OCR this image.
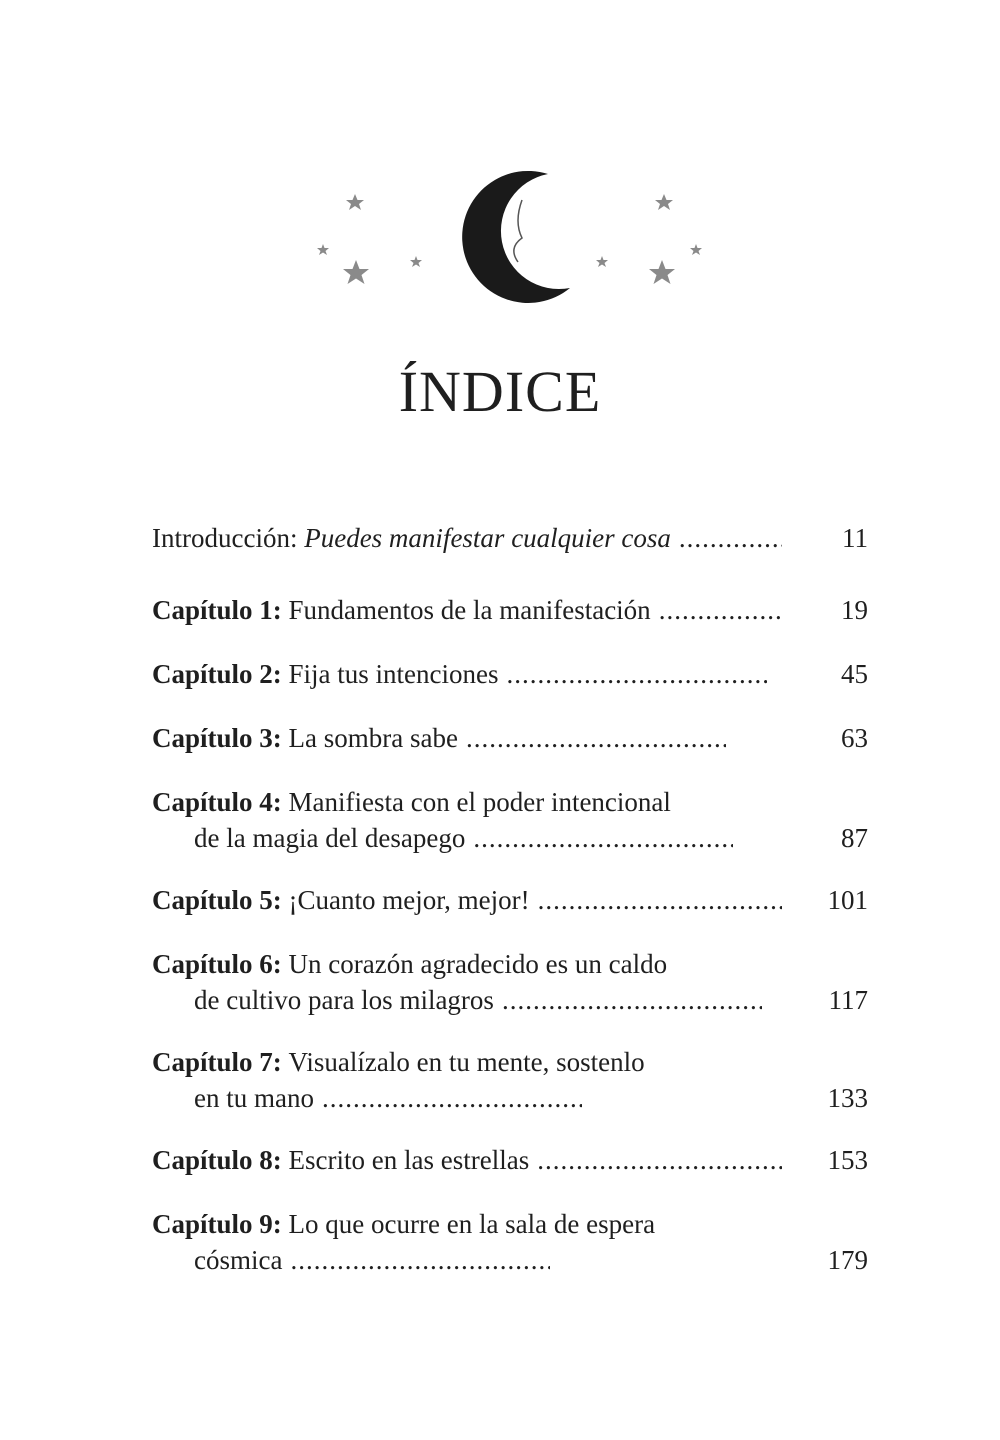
ÍNDICE
Introducción: Puedes manifestar cualquier cosa .....	11
Capítulo 1: Fundamentos de la manifestación .....	19
Capítulo 2: Fija tus intenciones .....	45
Capítulo 3: La sombra sabe .....	63
Capítulo 4:
Manifiesta con el poder intencional
de la magia del desapego .....	87
Capítulo 5: ¡Cuanto mejor, mejor! .....	101
Capítulo 6:
Un corazón agradecido es un caldo
de cultivo para los milagros .....	117
Capítulo 7:
Visualízalo en tu mente, sostenlo
en tu mano .....	133
Capítulo 8: Escrito en las estrellas .....	153
Capítulo 9:
Lo que ocurre en la sala de espera
cósmica .....	179
